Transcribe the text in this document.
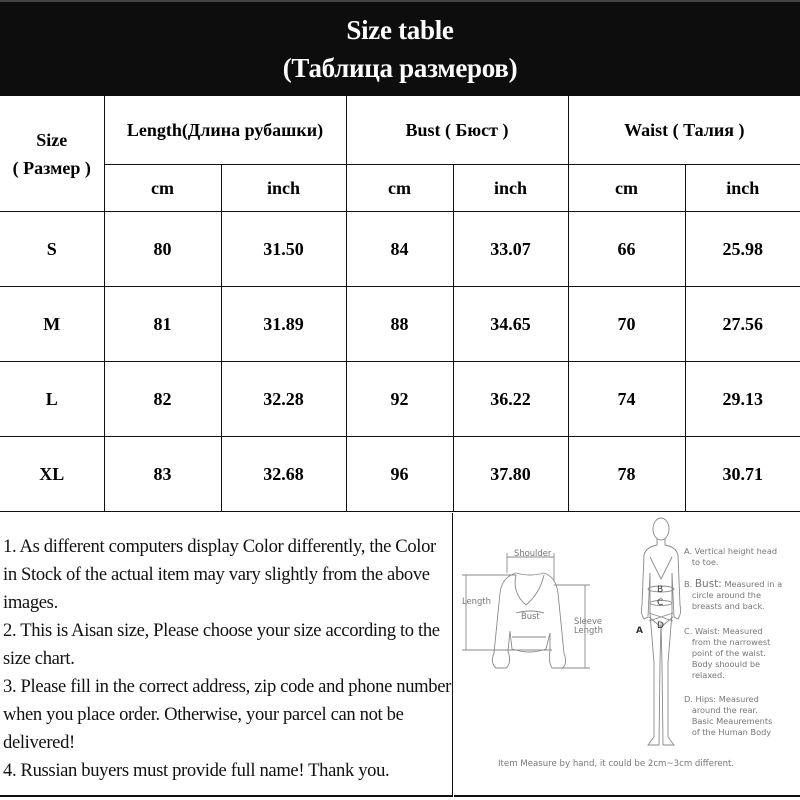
Size table
(Таблица размеров)
Size
( Размер )	Length(Длина рубашки)		Bust ( Бюст )		Waist ( Талия )	
	cm	inch	cm	inch	cm	inch
S	80	31.50	84	33.07	66	25.98
M	81	31.89	88	34.65	70	27.56
L	82	32.28	92	36.22	74	29.13
XL	83	32.68	96	37.80	78	30.71

1. As different computers display Color differently, the Color in Stock of the actual item may vary slightly from the above images.

2. This is Aisan size, Please choose your size according to the size chart.

3. Please fill in the correct address, zip code and phone number when you place order. Otherwise, your parcel can not be delivered!

4. Russian buyers must provide full name! Thank you.

Shoulder
Length
Bust	Sleeve
Length	A
B
C
D
A. Vertical height head
to toe.
B. Bust: Measured in a
circle around the
breasts and back.
C. Waist: Measured
from the narrowest
point of the waist.
Body shoould be
relaxed.
D. Hips: Measured
around the rear.
Basic Meaurements
of the Human Body
Item Measure by hand, it could be 2cm~3cm different.
